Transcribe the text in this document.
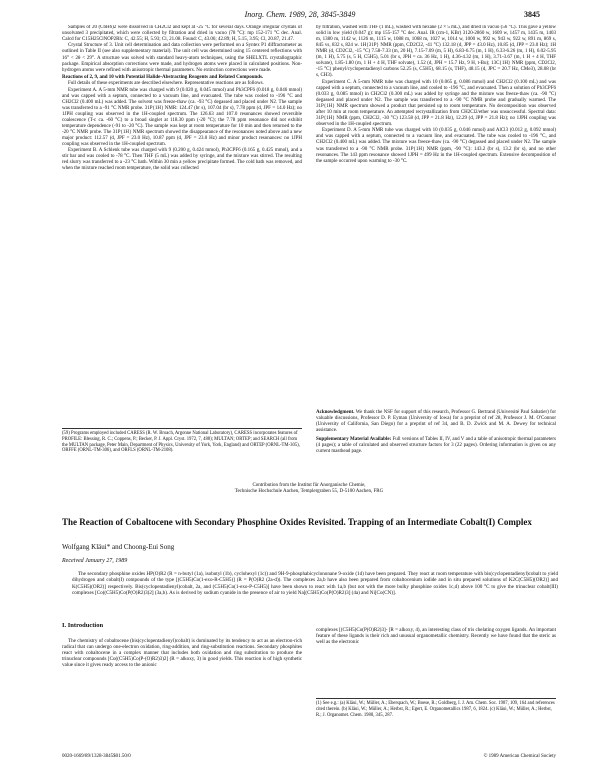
Inorg. Chem. 1989, 28, 3845-3849	3845

Samples of 20 (C6H6)2 were dissolved in CH2Cl2 and kept at -25 °C for several days. Orange irregular crystals of unsolvated 3 precipitated, which were collected by filtration and dried in vacuo (78 °C): mp 152-171 °C dec. Anal. Calcd for C15H25ClNOP2Rh: C, 42.55; H, 5.93; Cl, 21.08. Found: C, 43.06; 42.89; H, 5.15, 3.95; Cl, 20.87, 21.47.

Crystal Structure of 3. Unit cell determination and data collection were performed on a Syntex P1 diffractometer as outlined in Table II (see also supplementary material). The unit cell was determined using 15 centered reflections with 16° < 2θ < 29°. A structure was solved with standard heavy-atom techniques, using the SHELXTL crystallographic package. Empirical absorption corrections were made, and hydrogen atoms were placed in calculated positions. Non-hydrogen atoms were refined with anisotropic thermal parameters. No extinction corrections were made.

Reactions of 2, 9, and 10 with Potential Halide-Abstracting Reagents and Related Compounds.

Full details of these experiments are described elsewhere. Representative reactions are as follows.

Experiment A. A 5-mm NMR tube was charged with 9 (0.020 g, 0.045 mmol) and Ph3CPF6 (0.018 g, 0.046 mmol) and was capped with a septum, connected to a vacuum line, and evacuated. The tube was cooled to -196 °C and CH2Cl2 (0.400 mL) was added. The solvent was freeze-thaw (ca. -93 °C) degassed and placed under N2. The sample was transferred to a -91 °C NMR probe. 31P{1H} NMR: 124.47 (br s), 107.04 (br s), 7.78 ppm (d, JPF = 14.0 Hz); no 1JPH coupling was observed in the 1H-coupled spectrum. The 126.63 and 107.0 resonances showed reversible coalescence (T-c ca. -60 °C) to a broad singlet at 118.30 ppm (-20 °C); the 7.78 ppm resonance did not exhibit temperature dependence (-91 to -20 °C). The sample was kept at room temperature for 10 min and then returned to the -20 °C NMR probe. The 31P{1H} NMR spectrum showed the disappearance of the resonances noted above and a new major product: 112.57 (d, JPF = 23.0 Hz), 10.87 ppm (d, JPF = 23.0 Hz) and minor product resonances: no 1JPH coupling was observed in the 1H-coupled spectrum.

Experiment B. A Schlenk tube was charged with 9 (0.200 g, 0.424 mmol), Ph3CPF6 (0.165 g, 0.425 mmol), and a stir bar and was cooled to -78 °C. Then THF (5 mL) was added by syringe, and the mixture was stirred. The resulting red slurry was transferred to a -23 °C bath. Within 30 min a yellow precipitate formed. The cold bath was removed, and when the mixture reached room temperature, the solid was collected

by filtration, washed with THF (1 mL), washed with hexane (2 × 5 mL), and dried in vacuo (56 °C). This gave a yellow solid in low yield (0.047 g): mp 155-157 °C dec. Anal. IR (cm-1, KBr) 3120-2860 w, 1609 w, 1457 m, 1435 m, 1403 m, 1380 m, 1142 w, 1126 m, 1115 w, 1088 m, 1068 m, 1027 w, 1014 w, 1000 w, 992 w, 943 w, 922 w, 891 m, 869 s, 845 vs, 832 s, 824 w. 1H{31P} NMR (ppm, CD2Cl2, -41 °C) 132.18 (d, JPP = 43.0 Hz), 10.85 (d, JPP = 23.0 Hz); 1H NMR (d, CD2Cl2, -15 °C) 7.58-7.33 (m, 20 H), 7.15-7.09 (m, 5 H), 6.83-6.75 (m, 1 H), 6.33-6.26 (m, 1 H), 6.02-5.95 (m, 1 H), 5.75 (s, 5 H, C5H5), 5.01 (br s, JPH = ca. 36 Hz, 1 H), 4.36-4.32 (m, 1 H), 3.71-3.67 (m, 1 H + 4 H, THF solvate), 1.85-1.80 (m, 1 H + 4 H, THF solvate), 1.52 (d, JPH = 15.7 Hz, 9 H, t-Bu); 13C{1H} NMR (ppm, CD2Cl2, -15 °C) phenyl/cyclopentadienyl carbons 52.25 (s, C5H5), 68.15 (s, THF), 48.15 (d, JPC = 20.7 Hz, CMe3), 28.08 (br s, CH3).

Experiment C. A 5-mm NMR tube was charged with 10 (0.065 g, 0.086 mmol) and CH2Cl2 (0.100 mL) and was capped with a septum, connected to a vacuum line, and cooled to -196 °C, and evacuated. Then a solution of Ph3CPF6 (0.033 g, 0.085 mmol) in CH2Cl2 (0.300 mL) was added by syringe and the mixture was freeze-thaw (ca. -90 °C) degassed and placed under N2. The sample was transferred to a -90 °C NMR probe and gradually warmed. The 31P{1H} NMR spectrum showed a product that persisted up to room temperature. No decomposition was observed after 10 min at room temperature. An attempted recrystallization from CH2Cl2/ether was unsuccessful. Spectral data: 31P{1H} NMR (ppm, CH2Cl2, -30 °C) 123.58 (d, JPP = 21.8 Hz), 12.29 (d, JPP = 21.8 Hz); no 1JPH coupling was observed in the 1H-coupled spectrum.

Experiment D. A 5-mm NMR tube was charged with 10 (0.035 g, 0.046 mmol) and AlCl3 (0.012 g, 0.092 mmol) and was capped with a septum, connected to a vacuum line, and evacuated. The tube was cooled to -196 °C, and CH2Cl2 (0.400 mL) was added. The mixture was freeze-thaw (ca. -90 °C) degassed and placed under N2. The sample was transferred to a -90 °C NMR probe. 31P{1H} NMR (ppm, -90 °C): 143.2 (br s), 13.2 (br s), and no other resonances. The 143 ppm resonance showed 1JPH = 499 Hz in the 1H-coupled spectrum. Extensive decomposition of the sample occurred upon warming to -30 °C.

(59) Programs employed included CARESS (R. W. Broach, Argonne National Laboratory), CARESS incorporates features of PROFILE: Blessing, R. C.; Coppens, P.; Becker, P. J. Appl. Cryst. 1972, 7, 488); MULTAN; ORTEP; and SEARCH (all from the MULTAN package, Peter Main, Department of Physics, University of York, York, England) and ORTEP (ORNL-TM-305), ORFFE (ORNL-TM-306), and ORFLS (ORNL-TM-2108).

Acknowledgment. We thank the NSF for support of this research, Professor G. Bertrand (Université Paul Sabatier) for valuable discussions, Professor D. P. Eyman (University of Iowa) for a preprint of ref 28, Professor J. M. O'Connor (University of California, San Diego) for a preprint of ref 34, and B. D. Zwick and M. A. Dewey for technical assistance.
Supplementary Material Available: Full versions of Tables II, IV, and V and a table of anisotropic thermal parameters (4 pages); a table of calculated and observed structure factors for 3 (22 pages). Ordering information is given on any current masthead page.
Contribution from the Institut für Anorganische Chemie,
Technische Hochschule Aachen, Templergraben 55, D-5100 Aachen, FRG
The Reaction of Cobaltocene with Secondary Phosphine Oxides Revisited. Trapping of an Intermediate Cobalt(I) Complex
Wolfgang Kläui* and Choong-Eui Song
Received January 27, 1989

The secondary phosphine oxides HP(O)R2 (R = n-butyl (1a), isobutyl (1b), cyclohexyl (1c)) and 9H-9-phosphabicyclononane 9-oxide (1d) have been prepared. They react at room temperature with bis(cyclopentadienyl)cobalt to yield dihydrogen and cobalt(I) compounds of the type [(C5H5)Co(1-exo-R-C5H5)] (R = P(O)R2 (2a-d)). The complexes 2a,b have also been prepared from cobaltocenium iodide and in situ prepared solutions of K2C(C5H5)(OR2)] and K(C5H5)(OR2)] respectively. Bis(cyclopentadienyl)cobalt, 2a, and (C5H5)Co(1-exo-P-C5H5)] have been shown to react with 1a,b (but not with the more bulky phosphine oxides 1c,d) above 100 °C to give the trinuclear cobalt(III) complexes [Co((C5H5)Co(P(O)R2)3)2] (3a,b). As is derived by sodium cyanide in the presence of air to yield Na[(C5H5)Co(P(O)R2)3] (4a) and Ni[Co(CN)].

I. Introduction

The chemistry of cobaltocene (bis(cyclopentadienyl)cobalt) is dominated by its tendency to act as an electron-rich radical that can undergo one-electron oxidation, ring-addition, and ring-substitution reactions. Secondary phosphites react with cobaltocene in a complex manner that includes both oxidation and ring substitution to produce the trinuclear compounds [Co((C5H5)Co(P-(O)R2)3)2] (R = alkoxy, 3) in good yields. This reaction is of high synthetic value since it gives ready access to the anionic

complexes [(C5H5)Co(P(O)R2)3]- [R = alkoxy, 4), an interesting class of tris chelating oxygen ligands. An important feature of these ligands is their rich and unusual organometallic chemistry. Recently we have found that the steric as well as the electronic

(1) See e.g.: (a) Kläui, W.; Müller, A.; Eberspach, W.; Boese, R.; Goldberg, I. J. Am. Chem. Soc. 1987, 109, 164 and references cited therein. (b) Kläui, W.; Müller, A.; Herbst, R.; Egert, E. Organometallics 1987, 6, 1824. (c) Kläui, W.; Müller, A.; Herbst, R.; J. Organomet. Chem. 1988, 345, 287.

0020-1669/89/1328-3845$01.50/0	© 1989 American Chemical Society
